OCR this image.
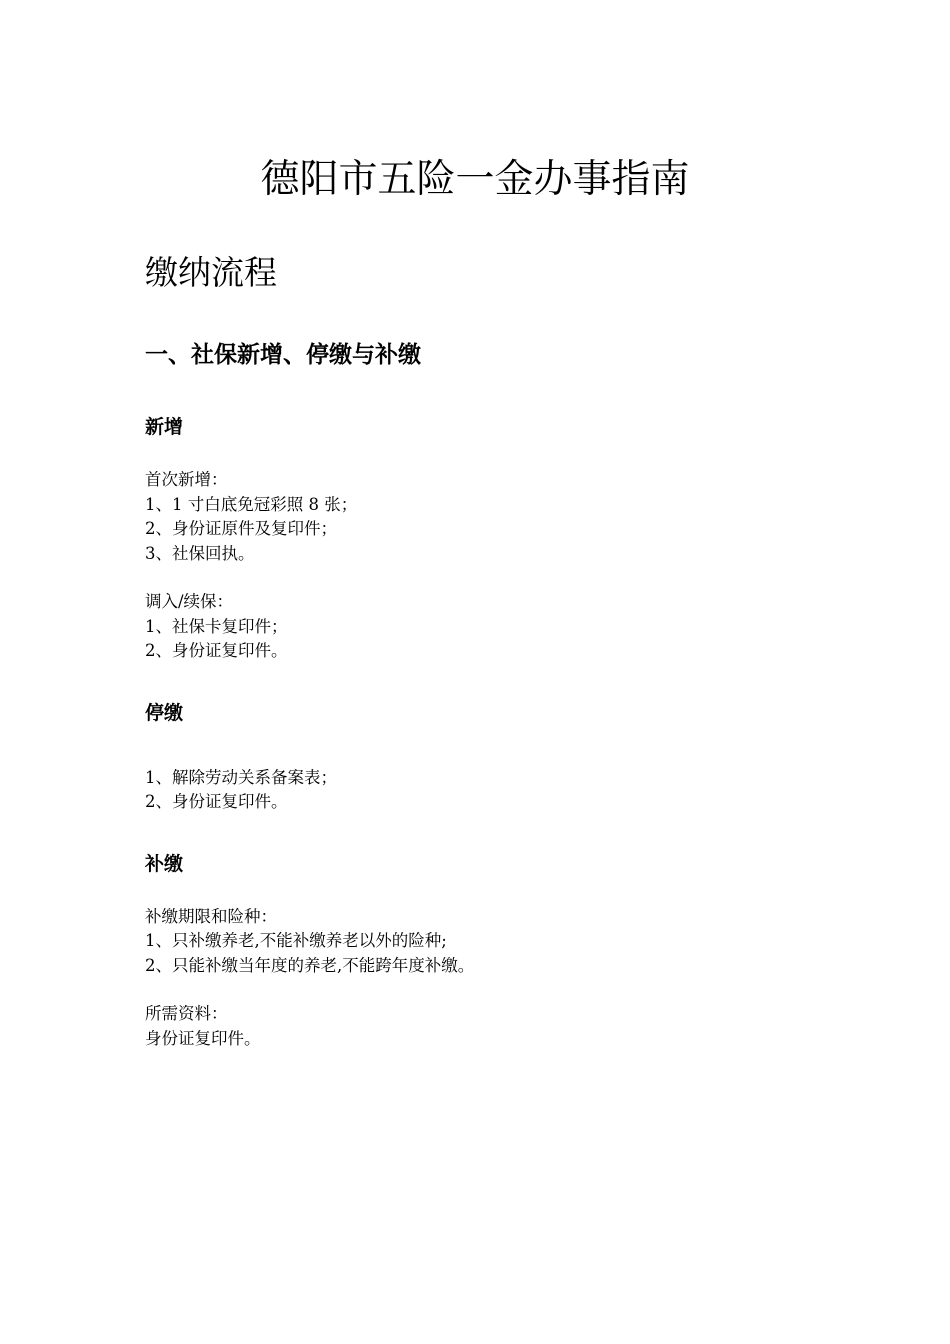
德阳市五险一金办事指南
缴纳流程
一、社保新增、停缴与补缴
新增
首次新增：
1、1 寸白底免冠彩照 8 张；
2、身份证原件及复印件；
3、社保回执。
调入/续保：
1、社保卡复印件；
2、身份证复印件。
停缴
1、解除劳动关系备案表；
2、身份证复印件。
补缴
补缴期限和险种：
1、只补缴养老,不能补缴养老以外的险种;
2、只能补缴当年度的养老,不能跨年度补缴。
所需资料：
身份证复印件。
